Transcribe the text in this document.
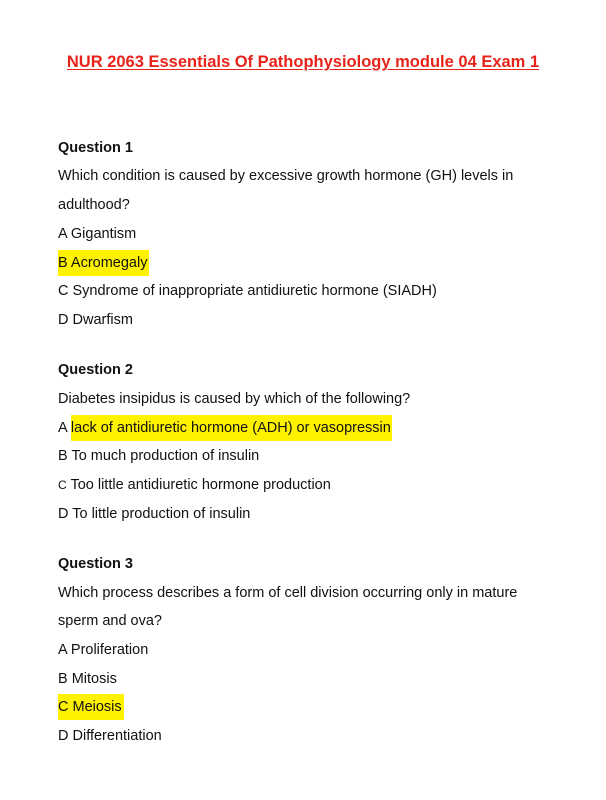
NUR 2063 Essentials Of Pathophysiology module 04 Exam 1
Question 1
Which condition is caused by excessive growth hormone (GH) levels in
adulthood?
A Gigantism
B Acromegaly
C Syndrome of inappropriate antidiuretic hormone (SIADH)
D Dwarfism
Question 2
Diabetes insipidus is caused by which of the following?
A lack of antidiuretic hormone (ADH) or vasopressin
B To much production of insulin
C Too little antidiuretic hormone production
D To little production of insulin
Question 3
Which process describes a form of cell division occurring only in mature
sperm and ova?
A Proliferation
B Mitosis
C Meiosis
D Differentiation
